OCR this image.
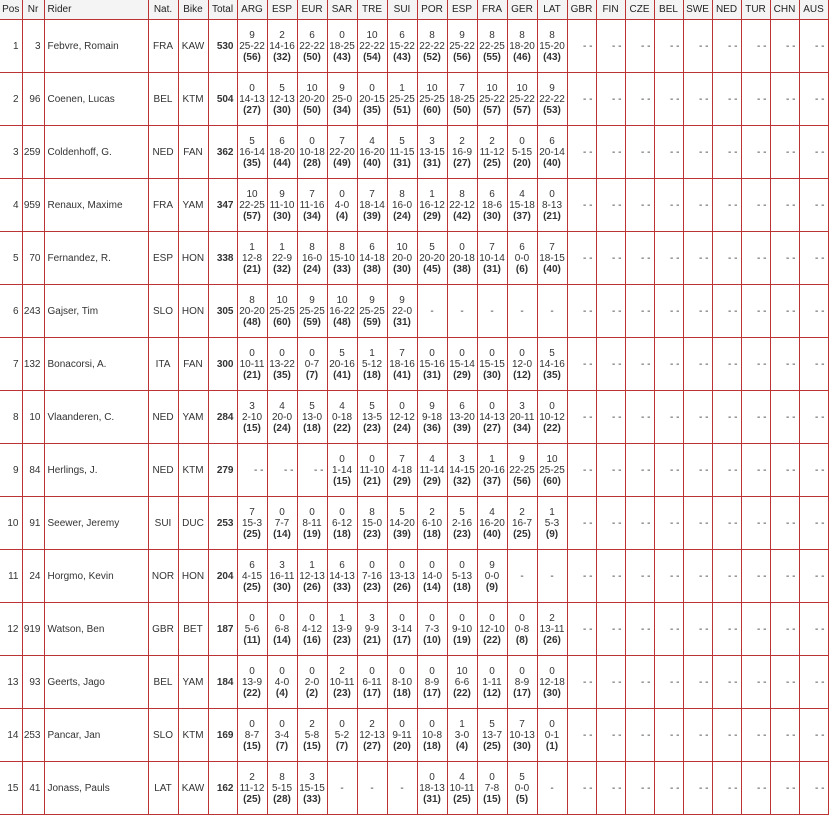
Pos	Nr	Rider	Nat.	Bike	Total	ARG	ESP	EUR	SAR	TRE	SUI	POR	ESP	FRA	GER	LAT	GBR	FIN	CZE	BEL	SWE	NED	TUR	CHN	AUS
1	3	Febvre, Romain	FRA	KAW	530	9
25-22
(56)	2
14-16
(32)	6
22-22
(50)	0
18-25
(43)	10
22-22
(54)	6
15-22
(43)	8
22-22
(52)	9
25-22
(56)	8
22-25
(55)	8
18-20
(46)	8
15-20
(43)	- -	- -	- -	- -	- -	- -	- -	- -	- -
2	96	Coenen, Lucas	BEL	KTM	504	0
14-13
(27)	5
12-13
(30)	10
20-20
(50)	9
25-0
(34)	0
20-15
(35)	1
25-25
(51)	10
25-25
(60)	7
18-25
(50)	10
25-22
(57)	10
25-22
(57)	9
22-22
(53)	- -	- -	- -	- -	- -	- -	- -	- -	- -
3	259	Coldenhoff, G.	NED	FAN	362	5
16-14
(35)	6
18-20
(44)	0
10-18
(28)	7
22-20
(49)	4
16-20
(40)	5
11-15
(31)	3
13-15
(31)	2
16-9
(27)	2
11-12
(25)	0
5-15
(20)	6
20-14
(40)	- -	- -	- -	- -	- -	- -	- -	- -	- -
4	959	Renaux, Maxime	FRA	YAM	347	10
22-25
(57)	9
11-10
(30)	7
11-16
(34)	0
4-0
(4)	7
18-14
(39)	8
16-0
(24)	1
16-12
(29)	8
22-12
(42)	6
18-6
(30)	4
15-18
(37)	0
8-13
(21)	- -	- -	- -	- -	- -	- -	- -	- -	- -
5	70	Fernandez, R.	ESP	HON	338	1
12-8
(21)	1
22-9
(32)	8
16-0
(24)	8
15-10
(33)	6
14-18
(38)	10
20-0
(30)	5
20-20
(45)	0
20-18
(38)	7
10-14
(31)	6
0-0
(6)	7
18-15
(40)	- -	- -	- -	- -	- -	- -	- -	- -	- -
6	243	Gajser, Tim	SLO	HON	305	8
20-20
(48)	10
25-25
(60)	9
25-25
(59)	10
16-22
(48)	9
25-25
(59)	9
22-0
(31)	-	-	-	-	-	- -	- -	- -	- -	- -	- -	- -	- -	- -
7	132	Bonacorsi, A.	ITA	FAN	300	0
10-11
(21)	0
13-22
(35)	0
0-7
(7)	5
20-16
(41)	1
5-12
(18)	7
18-16
(41)	0
15-16
(31)	0
15-14
(29)	0
15-15
(30)	0
12-0
(12)	5
14-16
(35)	- -	- -	- -	- -	- -	- -	- -	- -	- -
8	10	Vlaanderen, C.	NED	YAM	284	3
2-10
(15)	4
20-0
(24)	5
13-0
(18)	4
0-18
(22)	5
13-5
(23)	0
12-12
(24)	9
9-18
(36)	6
13-20
(39)	0
14-13
(27)	3
20-11
(34)	0
10-12
(22)	- -	- -	- -	- -	- -	- -	- -	- -	- -
9	84	Herlings, J.	NED	KTM	279	- -	- -	- -	0
1-14
(15)	0
11-10
(21)	7
4-18
(29)	4
11-14
(29)	3
14-15
(32)	1
20-16
(37)	9
22-25
(56)	10
25-25
(60)	- -	- -	- -	- -	- -	- -	- -	- -	- -
10	91	Seewer, Jeremy	SUI	DUC	253	7
15-3
(25)	0
7-7
(14)	0
8-11
(19)	0
6-12
(18)	8
15-0
(23)	5
14-20
(39)	2
6-10
(18)	5
2-16
(23)	4
16-20
(40)	2
16-7
(25)	1
5-3
(9)	- -	- -	- -	- -	- -	- -	- -	- -	- -
11	24	Horgmo, Kevin	NOR	HON	204	6
4-15
(25)	3
16-11
(30)	1
12-13
(26)	6
14-13
(33)	0
7-16
(23)	0
13-13
(26)	0
14-0
(14)	0
5-13
(18)	9
0-0
(9)	-	-	- -	- -	- -	- -	- -	- -	- -	- -	- -
12	919	Watson, Ben	GBR	BET	187	0
5-6
(11)	0
6-8
(14)	0
4-12
(16)	1
13-9
(23)	3
9-9
(21)	0
3-14
(17)	0
7-3
(10)	0
9-10
(19)	0
12-10
(22)	0
0-8
(8)	2
13-11
(26)	- -	- -	- -	- -	- -	- -	- -	- -	- -
13	93	Geerts, Jago	BEL	YAM	184	0
13-9
(22)	0
4-0
(4)	0
2-0
(2)	2
10-11
(23)	0
6-11
(17)	0
8-10
(18)	0
8-9
(17)	10
6-6
(22)	0
1-11
(12)	0
8-9
(17)	0
12-18
(30)	- -	- -	- -	- -	- -	- -	- -	- -	- -
14	253	Pancar, Jan	SLO	KTM	169	0
8-7
(15)	0
3-4
(7)	2
5-8
(15)	0
5-2
(7)	2
12-13
(27)	0
9-11
(20)	0
10-8
(18)	1
3-0
(4)	5
13-7
(25)	7
10-13
(30)	0
0-1
(1)	- -	- -	- -	- -	- -	- -	- -	- -	- -
15	41	Jonass, Pauls	LAT	KAW	162	2
11-12
(25)	8
5-15
(28)	3
15-15
(33)	-	-	-	0
18-13
(31)	4
10-11
(25)	0
7-8
(15)	5
0-0
(5)	-	- -	- -	- -	- -	- -	- -	- -	- -	- -
